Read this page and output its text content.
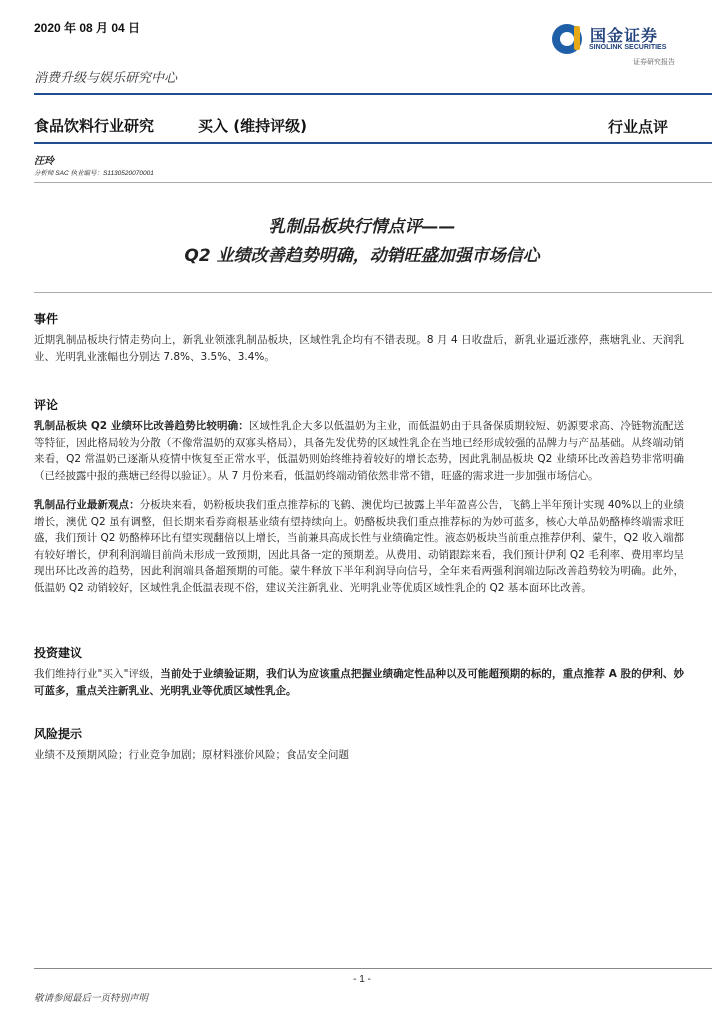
2020 年 08 月 04 日	国金证券
SINOLINK SECURITIES
证券研究报告
消费升级与娱乐研究中心
食品饮料行业研究	买入 (维持评级)	行业点评
汪玲
分析师 SAC 执业编号：S1130520070001
乳制品板块行情点评——
Q2 业绩改善趋势明确，动销旺盛加强市场信心
事件
近期乳制品板块行情走势向上，新乳业领涨乳制品板块，区域性乳企均有不错表现。8 月 4 日收盘后，新乳业逼近涨停，燕塘乳业、天润乳业、光明乳业涨幅也分别达 7.8%、3.5%、3.4%。
评论
乳制品板块 Q2 业绩环比改善趋势比较明确：区域性乳企大多以低温奶为主业，而低温奶由于具备保质期较短、奶源要求高、冷链物流配送等特征，因此格局较为分散（不像常温奶的双寡头格局），具备先发优势的区域性乳企在当地已经形成较强的品牌力与产品基础。从终端动销来看，Q2 常温奶已逐渐从疫情中恢复至正常水平，低温奶则始终维持着较好的增长态势，因此乳制品板块 Q2 业绩环比改善趋势非常明确（已经披露中报的燕塘已经得以验证）。从 7 月份来看，低温奶终端动销依然非常不错，旺盛的需求进一步加强市场信心。
乳制品行业最新观点：分板块来看，奶粉板块我们重点推荐标的飞鹤、澳优均已披露上半年盈喜公告，飞鹤上半年预计实现 40%以上的业绩增长，澳优 Q2 虽有调整，但长期来看券商根基业绩有望持续向上。奶酪板块我们重点推荐标的为妙可蓝多，核心大单品奶酪棒终端需求旺盛，我们预计 Q2 奶酪棒环比有望实现翻倍以上增长，当前兼具高成长性与业绩确定性。液态奶板块当前重点推荐伊利、蒙牛，Q2 收入端都有较好增长，伊利利润端目前尚未形成一致预期，因此具备一定的预期差。从费用、动销跟踪来看，我们预计伊利 Q2 毛利率、费用率均呈现出环比改善的趋势，因此利润端具备超预期的可能。蒙牛释放下半年利润导向信号，全年来看两强利润端边际改善趋势较为明确。此外，低温奶 Q2 动销较好，区域性乳企低温表现不俗，建议关注新乳业、光明乳业等优质区域性乳企的 Q2 基本面环比改善。
投资建议
我们维持行业"买入"评级，当前处于业绩验证期，我们认为应该重点把握业绩确定性品种以及可能超预期的标的，重点推荐 A 股的伊利、妙可蓝多，重点关注新乳业、光明乳业等优质区域性乳企。
风险提示
业绩不及预期风险；行业竞争加剧；原材料涨价风险；食品安全问题
- 1 -
敬请参阅最后一页特别声明
